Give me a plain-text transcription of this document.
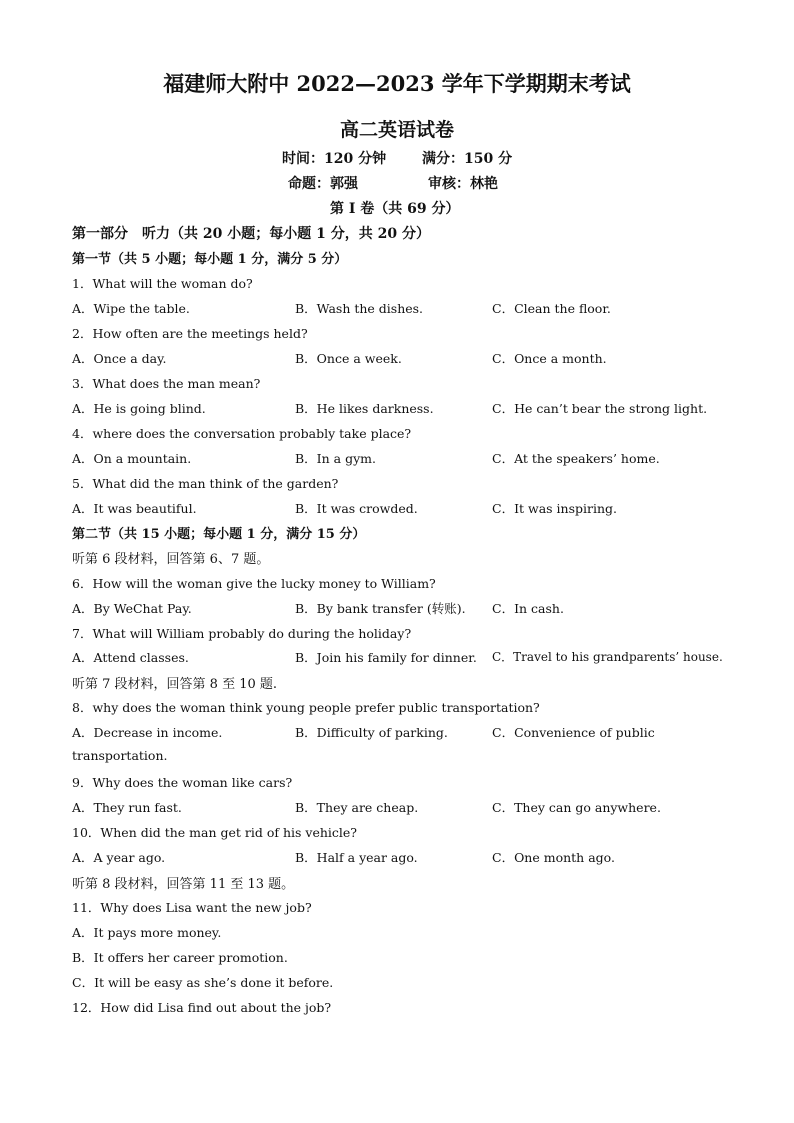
福建师大附中 2022—2023 学年下学期期末考试
高二英语试卷
时间：120 分钟	满分：150 分
命题：郭强	审核：林艳
第 I 卷（共 69 分）
第一部分　听力（共 20 小题；每小题 1 分，共 20 分）
第一节（共 5 小题；每小题 1 分，满分 5 分）
1．What will the woman do?
A．Wipe the table.	B．Wash the dishes.	C．Clean the floor.
2．How often are the meetings held?
A．Once a day.	B．Once a week.	C．Once a month.
3．What does the man mean?
A．He is going blind.	B．He likes darkness.	C．He can’t bear the strong light.
4．where does the conversation probably take place?
A．On a mountain.	B．In a gym.	C．At the speakers’ home.
5．What did the man think of the garden?
A．It was beautiful.	B．It was crowded.	C．It was inspiring.
第二节（共 15 小题；每小题 1 分，满分 15 分）
听第 6 段材料，回答第 6、7 题。
6．How will the woman give the lucky money to William?
A．By WeChat Pay.	B．By bank transfer (转账). C．In cash.
7．What will William probably do during the holiday?
A．Attend classes.	B．Join his family for dinner. C．Travel to his grandparents’ house.
听第 7 段材料，回答第 8 至 10 题.
8．why does the woman think young people prefer public transportation?
A．Decrease in income.	B．Difficulty of parking.	C．Convenience of public
transportation.
9．Why does the woman like cars?
A．They run fast.	B．They are cheap.	C．They can go anywhere.
10．When did the man get rid of his vehicle?
A．A year ago.	B．Half a year ago.	C．One month ago.
听第 8 段材料，回答第 11 至 13 题。
11．Why does Lisa want the new job?
A．It pays more money.
B．It offers her career promotion.
C．It will be easy as she’s done it before.
12．How did Lisa find out about the job?
